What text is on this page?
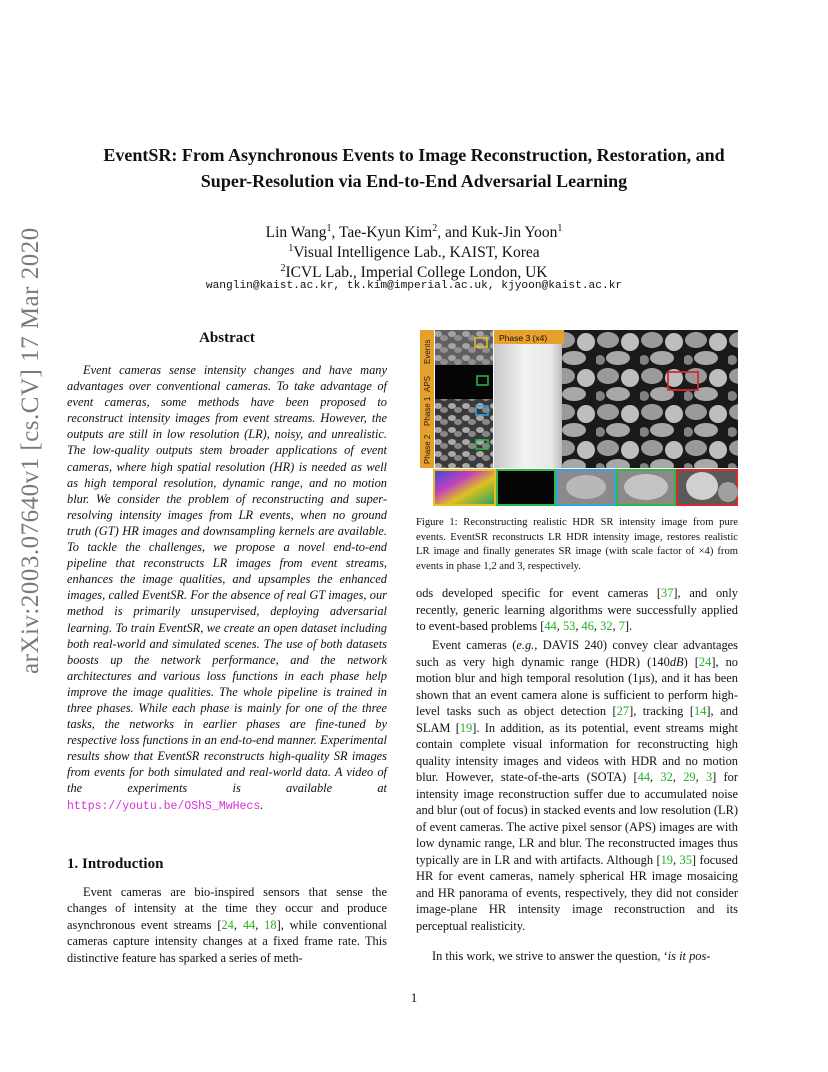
arXiv:2003.07640v1 [cs.CV] 17 Mar 2020
EventSR: From Asynchronous Events to Image Reconstruction, Restoration, and
Super-Resolution via End-to-End Adversarial Learning
Lin Wang$^1$, Tae-Kyun Kim$^2$, and Kuk-Jin Yoon$^1$
$^1$Visual Intelligence Lab., KAIST, Korea
$^2$ICVL Lab., Imperial College London, UK
wanglin@kaist.ac.kr, tk.kim@imperial.ac.uk, kjyoon@kaist.ac.kr
Abstract
Event cameras sense intensity changes and have many advantages over conventional cameras. To take advantage of event cameras, some methods have been proposed to reconstruct intensity images from event streams. However, the outputs are still in low resolution (LR), noisy, and unrealistic. The low-quality outputs stem broader applications of event cameras, where high spatial resolution (HR) is needed as well as high temporal resolution, dynamic range, and no motion blur. We consider the problem of reconstructing and super-resolving intensity images from LR events, when no ground truth (GT) HR images and downsampling kernels are available. To tackle the challenges, we propose a novel end-to-end pipeline that reconstructs LR images from event streams, enhances the image qualities, and upsamples the enhanced images, called EventSR. For the absence of real GT images, our method is primarily unsupervised, deploying adversarial learning. To train EventSR, we create an open dataset including both real-world and simulated scenes. The use of both datasets boosts up the network performance, and the network architectures and various loss functions in each phase help improve the image qualities. The whole pipeline is trained in three phases. While each phase is mainly for one of the three tasks, the networks in earlier phases are fine-tuned by respective loss functions in an end-to-end manner. Experimental results show that EventSR reconstructs high-quality SR images from events for both simulated and real-world data. A video of the experiments is available at https://youtu.be/OShS_MwHecs.
1. Introduction
Event cameras are bio-inspired sensors that sense the changes of intensity at the time they occur and produce asynchronous event streams [24, 44, 18], while conventional cameras capture intensity changes at a fixed frame rate. This distinctive feature has sparked a series of meth-
Events
APS
Phase 1
Phase 2
Phase 3 (x4)
Figure 1: Reconstructing realistic HDR SR intensity image from pure events. EventSR reconstructs LR HDR intensity image, restores realistic LR image and finally generates SR image (with scale factor of ×4) from events in phase 1,2 and 3, respectively.
ods developed specific for event cameras [37], and only recently, generic learning algorithms were successfully applied to event-based problems [44, 53, 46, 32, 7].
Event cameras (e.g., DAVIS 240) convey clear advantages such as very high dynamic range (HDR) (140dB) [24], no motion blur and high temporal resolution (1µs), and it has been shown that an event camera alone is sufficient to perform high-level tasks such as object detection [27], tracking [14], and SLAM [19]. In addition, as its potential, event streams might contain complete visual information for reconstructing high quality intensity images and videos with HDR and no motion blur. However, state-of-the-arts (SOTA) [44, 32, 29, 3] for intensity image reconstruction suffer due to accumulated noise and blur (out of focus) in stacked events and low resolution (LR) of event cameras. The active pixel sensor (APS) images are with low dynamic range, LR and blur. The reconstructed images thus typically are in LR and with artifacts. Although [19, 35] focused HR for event cameras, namely spherical HR image mosaicing and HR panorama of events, respectively, they did not consider image-plane HR intensity image reconstruction and its perceptual realisticity.
In this work, we strive to answer the question, ‘is it pos-
1
